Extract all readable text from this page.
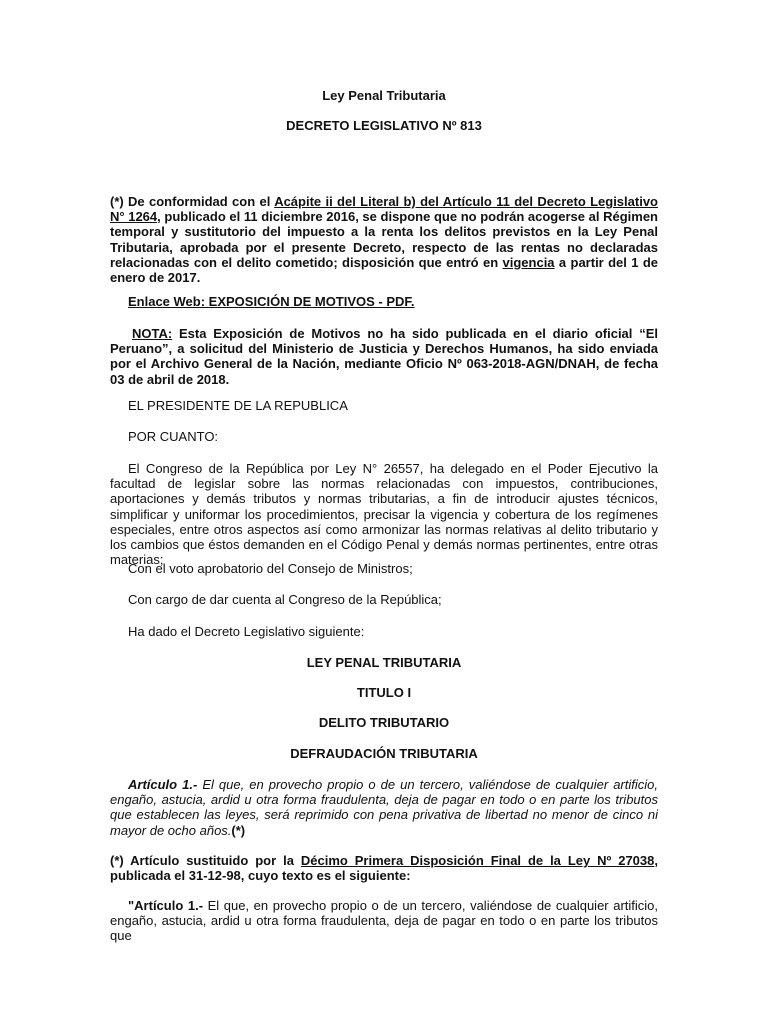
Ley Penal Tributaria
DECRETO LEGISLATIVO Nº 813
(*) De conformidad con el Acápite ii del Literal b) del Artículo 11 del Decreto Legislativo N° 1264, publicado el 11 diciembre 2016, se dispone que no podrán acogerse al Régimen temporal y sustitutorio del impuesto a la renta los delitos previstos en la Ley Penal Tributaria, aprobada por el presente Decreto, respecto de las rentas no declaradas relacionadas con el delito cometido; disposición que entró en vigencia a partir del 1 de enero de 2017.
Enlace Web: EXPOSICIÓN DE MOTIVOS - PDF.
NOTA: Esta Exposición de Motivos no ha sido publicada en el diario oficial “El Peruano”, a solicitud del Ministerio de Justicia y Derechos Humanos, ha sido enviada por el Archivo General de la Nación, mediante Oficio Nº 063-2018-AGN/DNAH, de fecha 03 de abril de 2018.
EL PRESIDENTE DE LA REPUBLICA
POR CUANTO:
El Congreso de la República por Ley N° 26557, ha delegado en el Poder Ejecutivo la facultad de legislar sobre las normas relacionadas con impuestos, contribuciones, aportaciones y demás tributos y normas tributarias, a fin de introducir ajustes técnicos, simplificar y uniformar los procedimientos, precisar la vigencia y cobertura de los regímenes especiales, entre otros aspectos así como armonizar las normas relativas al delito tributario y los cambios que éstos demanden en el Código Penal y demás normas pertinentes, entre otras materias;
Con el voto aprobatorio del Consejo de Ministros;
Con cargo de dar cuenta al Congreso de la República;
Ha dado el Decreto Legislativo siguiente:
LEY PENAL TRIBUTARIA
TITULO I
DELITO TRIBUTARIO
DEFRAUDACIÓN TRIBUTARIA
Artículo 1.- El que, en provecho propio o de un tercero, valiéndose de cualquier artificio, engaño, astucia, ardid u otra forma fraudulenta, deja de pagar en todo o en parte los tributos que establecen las leyes, será reprimido con pena privativa de libertad no menor de cinco ni mayor de ocho años.(*)
(*) Artículo sustituido por la Décimo Primera Disposición Final de la Ley Nº 27038, publicada el 31-12-98, cuyo texto es el siguiente:
"Artículo 1.- El que, en provecho propio o de un tercero, valiéndose de cualquier artificio, engaño, astucia, ardid u otra forma fraudulenta, deja de pagar en todo o en parte los tributos que
